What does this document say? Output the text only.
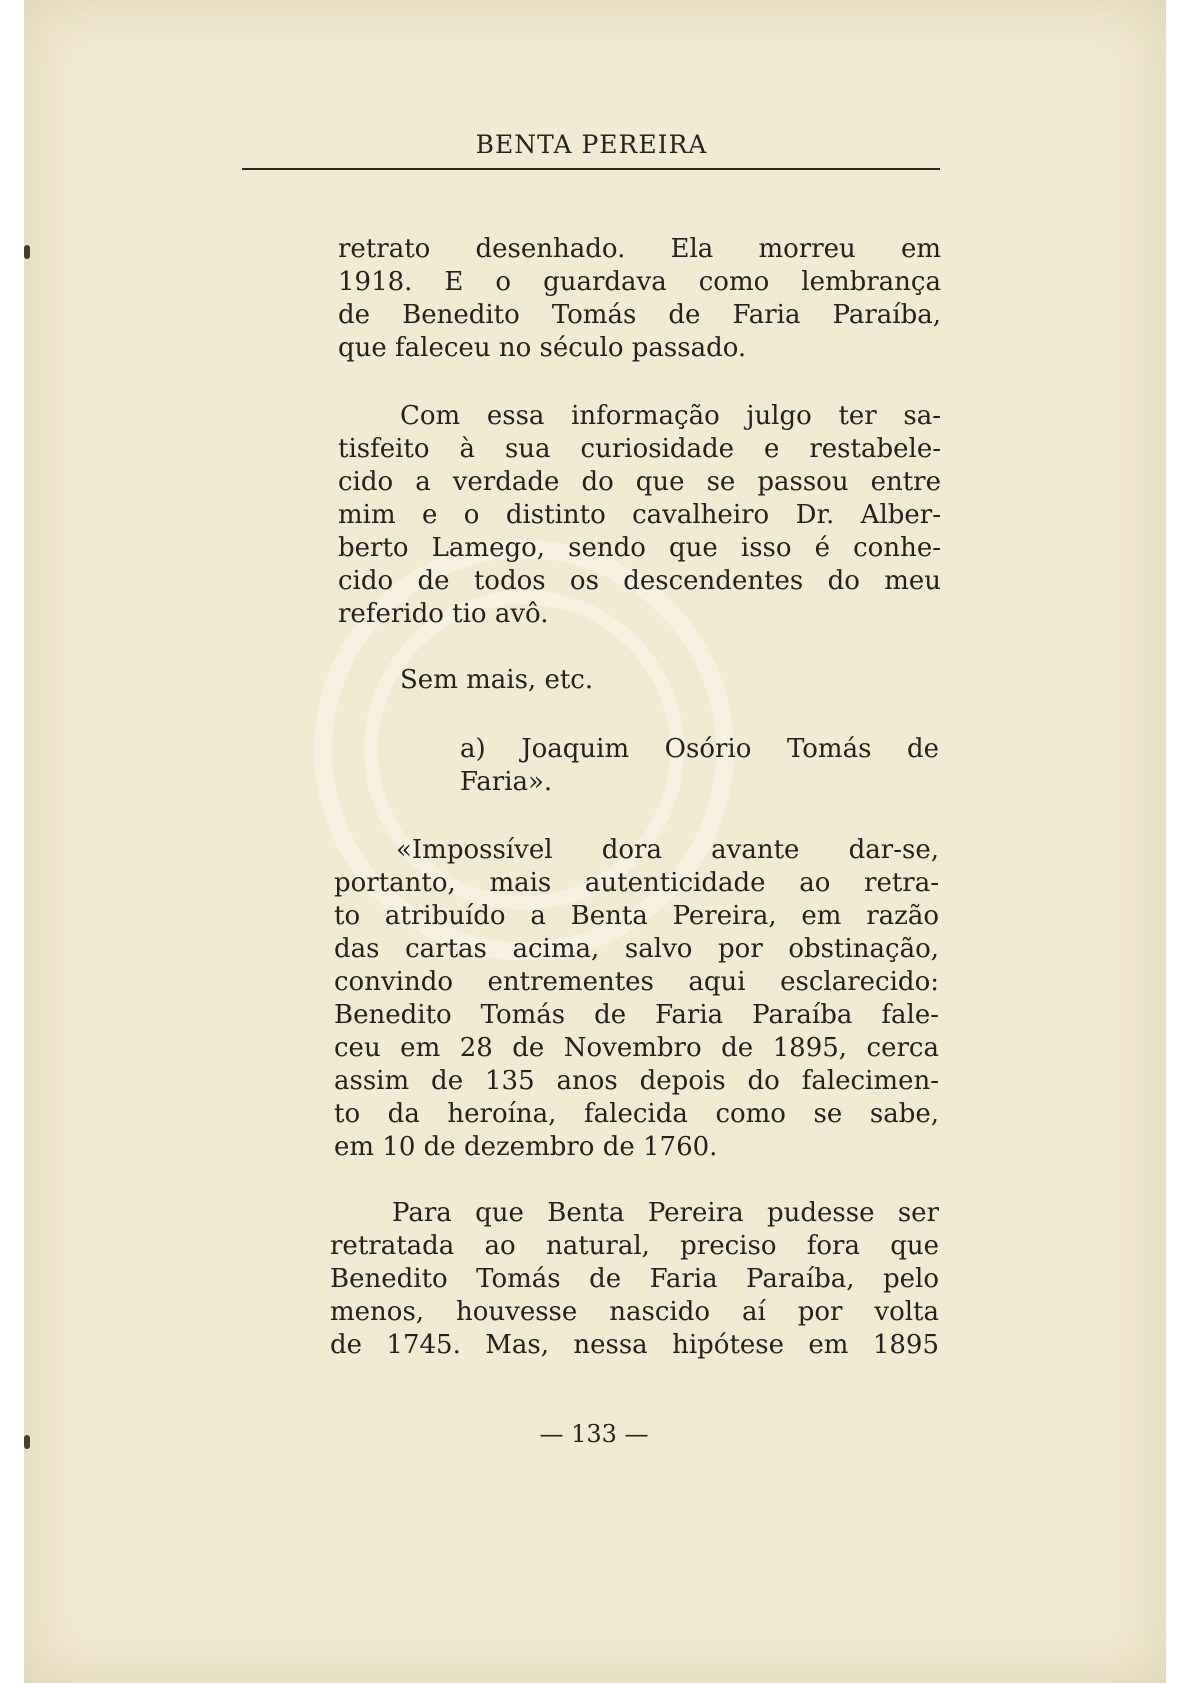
BENTA PEREIRA
retrato desenhado. Ela morreu em
1918. E o guardava como lembrança
de Benedito Tomás de Faria Paraíba,
que faleceu no século passado.
Com essa informação julgo ter sa-
tisfeito à sua curiosidade e restabele-
cido a verdade do que se passou entre
mim e o distinto cavalheiro Dr. Alber-
berto Lamego, sendo que isso é conhe-
cido de todos os descendentes do meu
referido tio avô.
Sem mais, etc.
a) Joaquim Osório Tomás de
Faria».
«Impossível dora avante dar-se,
portanto, mais autenticidade ao retra-
to atribuído a Benta Pereira, em razão
das cartas acima, salvo por obstinação,
convindo entrementes aqui esclarecido:
Benedito Tomás de Faria Paraíba fale-
ceu em 28 de Novembro de 1895, cerca
assim de 135 anos depois do falecimen-
to da heroína, falecida como se sabe,
em 10 de dezembro de 1760.
Para que Benta Pereira pudesse ser
retratada ao natural, preciso fora que
Benedito Tomás de Faria Paraíba, pelo
menos, houvesse nascido aí por volta
de 1745. Mas, nessa hipótese em 1895
— 133 —
